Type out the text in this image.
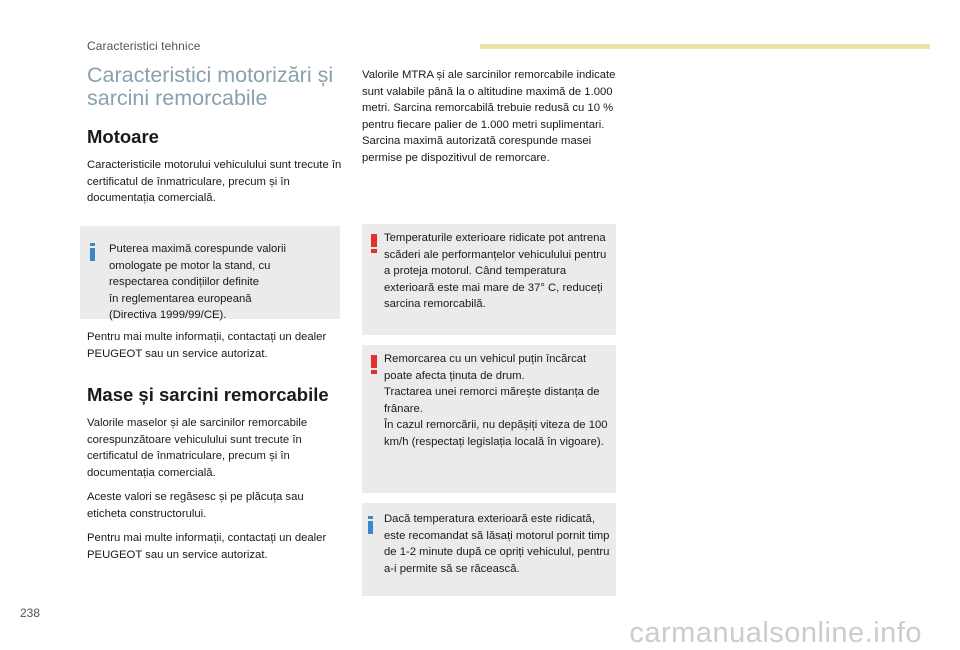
Caracteristici tehnice
Caracteristici motorizări și sarcini remorcabile
Motoare
Caracteristicile motorului vehiculului sunt trecute în certificatul de înmatriculare, precum și în documentația comercială.
Puterea maximă corespunde valorii
omologate pe motor la stand, cu
respectarea condițiilor definite
în reglementarea europeană
(Directiva 1999/99/CE).
Pentru mai multe informații, contactați un dealer PEUGEOT sau un service autorizat.
Mase și sarcini remorcabile
Valorile maselor și ale sarcinilor remorcabile corespunzătoare vehiculului sunt trecute în certificatul de înmatriculare, precum și în documentația comercială.
Aceste valori se regăsesc și pe plăcuța sau eticheta constructorului.
Pentru mai multe informații, contactați un dealer PEUGEOT sau un service autorizat.
Valorile MTRA și ale sarcinilor remorcabile indicate sunt valabile până la o altitudine maximă de 1.000 metri. Sarcina remorcabilă trebuie redusă cu 10 % pentru fiecare palier de 1.000 metri suplimentari.
Sarcina maximă autorizată corespunde masei permise pe dispozitivul de remorcare.
Temperaturile exterioare ridicate pot antrena scăderi ale performanțelor vehiculului pentru a proteja motorul. Când temperatura exterioară este mai mare de 37° C, reduceți sarcina remorcabilă.
Remorcarea cu un vehicul puțin încărcat poate afecta ținuta de drum.
Tractarea unei remorci mărește distanța de frânare.
În cazul remorcării, nu depășiți viteza de 100 km/h (respectați legislația locală în vigoare).
Dacă temperatura exterioară este ridicată, este recomandat să lăsați motorul pornit timp de 1-2 minute după ce opriți vehiculul, pentru a-i permite să se răcească.
238
carmanualsonline.info
